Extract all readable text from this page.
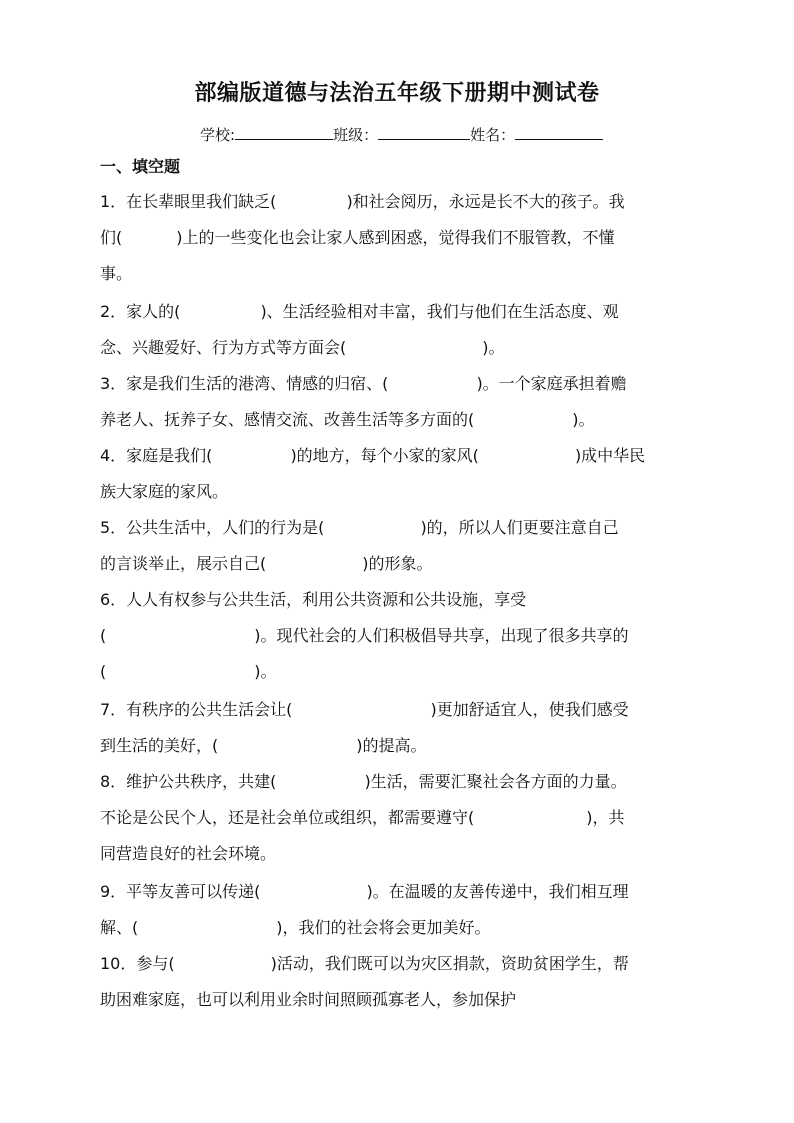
部编版道德与法治五年级下册期中测试卷
学校:	班级：	姓名：
一、填空题
1．在长辈眼里我们缺乏(	)和社会阅历，永远是长不大的孩子。我
们(	)上的一些变化也会让家人感到困惑，觉得我们不服管教，不懂
事。
2．家人的(	)、生活经验相对丰富，我们与他们在生活态度、观
念、兴趣爱好、行为方式等方面会(	)。
3．家是我们生活的港湾、情感的归宿、(	)。一个家庭承担着赡
养老人、抚养子女、感情交流、改善生活等多方面的(	)。
4．家庭是我们(	)的地方，每个小家的家风(	)成中华民
族大家庭的家风。
5．公共生活中，人们的行为是(	)的，所以人们更要注意自己
的言谈举止，展示自己(	)的形象。
6．人人有权参与公共生活，利用公共资源和公共设施，享受
(	)。现代社会的人们积极倡导共享，出现了很多共享的
(	)。
7．有秩序的公共生活会让(	)更加舒适宜人，使我们感受
到生活的美好，(	)的提高。
8．维护公共秩序，共建(	)生活，需要汇聚社会各方面的力量。
不论是公民个人，还是社会单位或组织，都需要遵守(	)，共
同营造良好的社会环境。
9．平等友善可以传递(	)。在温暖的友善传递中，我们相互理
解、(	)，我们的社会将会更加美好。
10．参与(	)活动，我们既可以为灾区捐款，资助贫困学生，帮
助困难家庭，也可以利用业余时间照顾孤寡老人，参加保护
